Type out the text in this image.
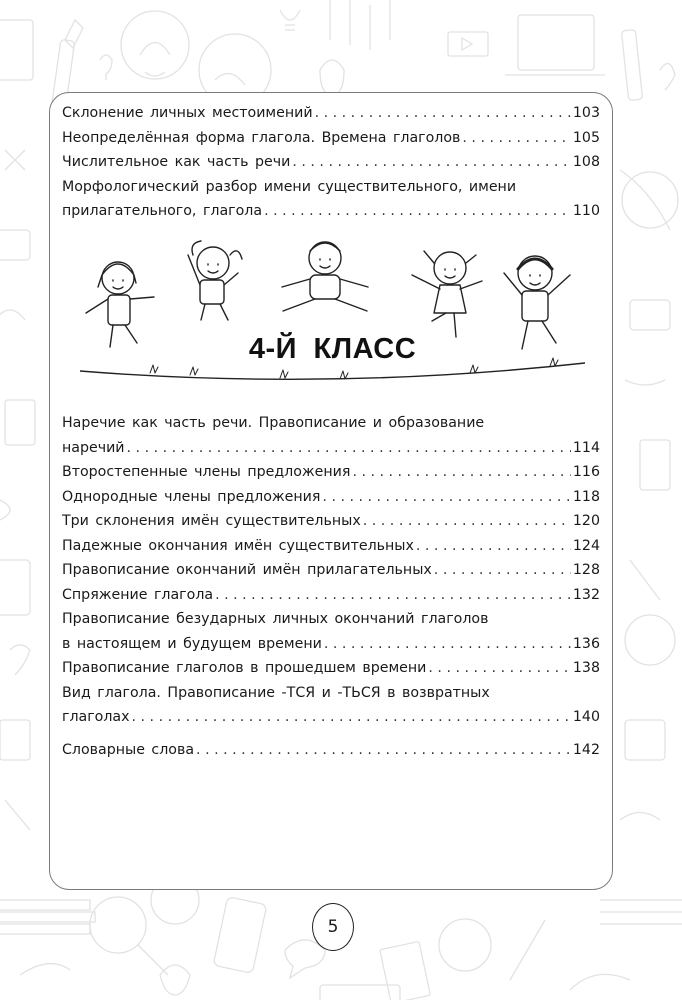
Склонение личных местоимений . . .	103
Неопределённая форма глагола. Времена глаголов . . .	105
Числительное как часть речи . . .	108
Морфологический разбор имени существительного, имени
прилагательного, глагола . . .	110
4-Й КЛАСС
Наречие как часть речи. Правописание и образование
наречий . . .	114
Второстепенные члены предложения . . .	116
Однородные члены предложения . . .	118
Три склонения имён существительных . . .	120
Падежные окончания имён существительных . . .	124
Правописание окончаний имён прилагательных . . .	128
Спряжение глагола . . .	132
Правописание безударных личных окончаний глаголов
в настоящем и будущем времени . . .	136
Правописание глаголов в прошедшем времени . . .	138
Вид глагола. Правописание -ТСЯ и -ТЬСЯ в возвратных
глаголах . . .	140
Словарные слова . . .	142
5
